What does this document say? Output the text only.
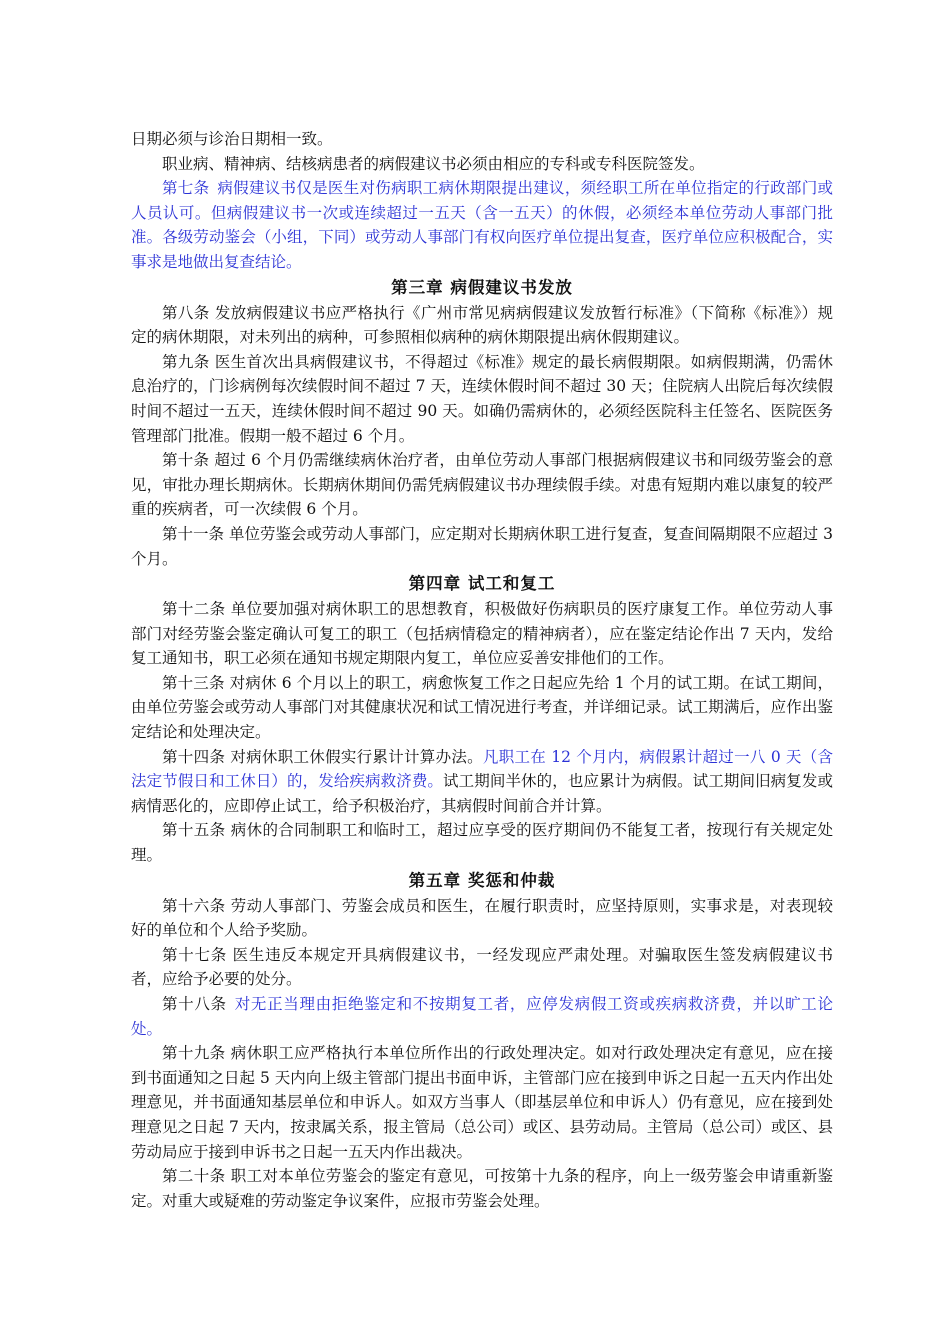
日期必须与诊治日期相一致。

职业病、精神病、结核病患者的病假建议书必须由相应的专科或专科医院签发。

第七条 病假建议书仅是医生对伤病职工病休期限提出建议，须经职工所在单位指定的行政部门或人员认可。但病假建议书一次或连续超过一五天（含一五天）的休假，必须经本单位劳动人事部门批准。各级劳动鉴会（小组，下同）或劳动人事部门有权向医疗单位提出复查，医疗单位应积极配合，实事求是地做出复查结论。

第三章 病假建议书发放

第八条 发放病假建议书应严格执行《广州市常见病病假建议发放暂行标准》（下简称《标准》）规定的病休期限，对未列出的病种，可参照相似病种的病休期限提出病休假期建议。

第九条 医生首次出具病假建议书，不得超过《标准》规定的最长病假期限。如病假期满，仍需休息治疗的，门诊病例每次续假时间不超过 7 天，连续休假时间不超过 30 天；住院病人出院后每次续假时间不超过一五天，连续休假时间不超过 90 天。如确仍需病休的，必须经医院科主任签名、医院医务管理部门批准。假期一般不超过 6 个月。

第十条 超过 6 个月仍需继续病休治疗者，由单位劳动人事部门根据病假建议书和同级劳鉴会的意见，审批办理长期病休。长期病休期间仍需凭病假建议书办理续假手续。对患有短期内难以康复的较严重的疾病者，可一次续假 6 个月。

第十一条 单位劳鉴会或劳动人事部门，应定期对长期病休职工进行复查，复查间隔期限不应超过 3 个月。

第四章 试工和复工

第十二条 单位要加强对病休职工的思想教育，积极做好伤病职员的医疗康复工作。单位劳动人事部门对经劳鉴会鉴定确认可复工的职工（包括病情稳定的精神病者），应在鉴定结论作出 7 天内，发给复工通知书，职工必须在通知书规定期限内复工，单位应妥善安排他们的工作。

第十三条 对病休 6 个月以上的职工，病愈恢复工作之日起应先给 1 个月的试工期。在试工期间，由单位劳鉴会或劳动人事部门对其健康状况和试工情况进行考查，并详细记录。试工期满后，应作出鉴定结论和处理决定。

第十四条 对病休职工休假实行累计计算办法。凡职工在 12 个月内，病假累计超过一八 0 天（含法定节假日和工休日）的，发给疾病救济费。试工期间半休的，也应累计为病假。试工期间旧病复发或病情恶化的，应即停止试工，给予积极治疗，其病假时间前合并计算。

第十五条 病休的合同制职工和临时工，超过应享受的医疗期间仍不能复工者，按现行有关规定处理。

第五章 奖惩和仲裁

第十六条 劳动人事部门、劳鉴会成员和医生，在履行职责时，应坚持原则，实事求是，对表现较好的单位和个人给予奖励。

第十七条 医生违反本规定开具病假建议书，一经发现应严肃处理。对骗取医生签发病假建议书者，应给予必要的处分。

第十八条 对无正当理由拒绝鉴定和不按期复工者，应停发病假工资或疾病救济费，并以旷工论处。

第十九条 病休职工应严格执行本单位所作出的行政处理决定。如对行政处理决定有意见，应在接到书面通知之日起 5 天内向上级主管部门提出书面申诉，主管部门应在接到申诉之日起一五天内作出处理意见，并书面通知基层单位和申诉人。如双方当事人（即基层单位和申诉人）仍有意见，应在接到处理意见之日起 7 天内，按隶属关系，报主管局（总公司）或区、县劳动局。主管局（总公司）或区、县劳动局应于接到申诉书之日起一五天内作出裁决。

第二十条 职工对本单位劳鉴会的鉴定有意见，可按第十九条的程序，向上一级劳鉴会申请重新鉴定。对重大或疑难的劳动鉴定争议案件，应报市劳鉴会处理。
